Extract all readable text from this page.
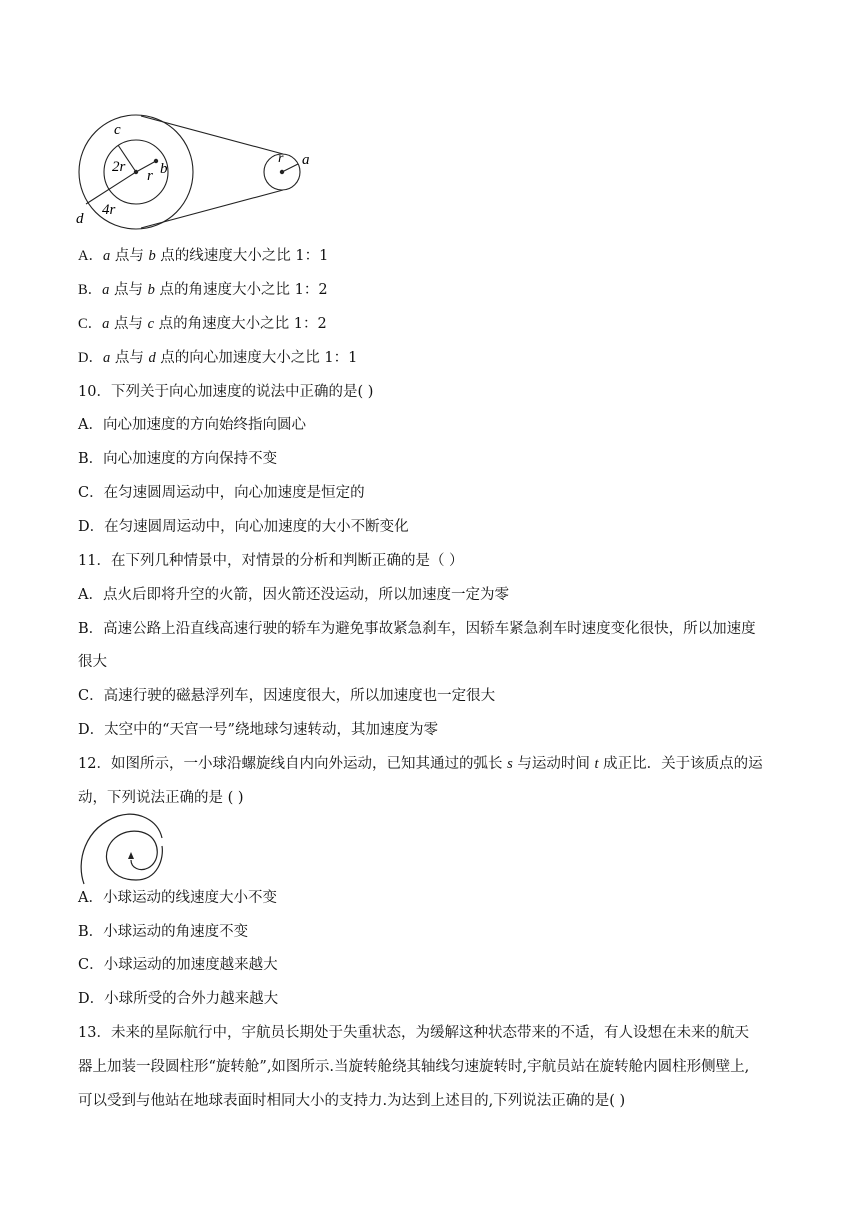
c
2r
r b
d
4r
r a
A．a 点与 b 点的线速度大小之比 1：1
B．a 点与 b 点的角速度大小之比 1：2
C．a 点与 c 点的角速度大小之比 1：2
D．a 点与 d 点的向心加速度大小之比 1：1
10．下列关于向心加速度的说法中正确的是( )
A．向心加速度的方向始终指向圆心
B．向心加速度的方向保持不变
C．在匀速圆周运动中，向心加速度是恒定的
D．在匀速圆周运动中，向心加速度的大小不断变化
11．在下列几种情景中，对情景的分析和判断正确的是（ ）
A．点火后即将升空的火箭，因火箭还没运动，所以加速度一定为零
B．高速公路上沿直线高速行驶的轿车为避免事故紧急刹车，因轿车紧急刹车时速度变化很快，所以加速度
很大
C．高速行驶的磁悬浮列车，因速度很大，所以加速度也一定很大
D．太空中的“天宫一号”绕地球匀速转动，其加速度为零
12．如图所示，一小球沿螺旋线自内向外运动，已知其通过的弧长 s 与运动时间 t 成正比．关于该质点的运
动，下列说法正确的是 ( )
A．小球运动的线速度大小不变
B．小球运动的角速度不变
C．小球运动的加速度越来越大
D．小球所受的合外力越来越大
13．未来的星际航行中，宇航员长期处于失重状态，为缓解这种状态带来的不适，有人设想在未来的航天
器上加装一段圆柱形“旋转舱”,如图所示.当旋转舱绕其轴线匀速旋转时,宇航员站在旋转舱内圆柱形侧壁上,
可以受到与他站在地球表面时相同大小的支持力.为达到上述目的,下列说法正确的是( )
